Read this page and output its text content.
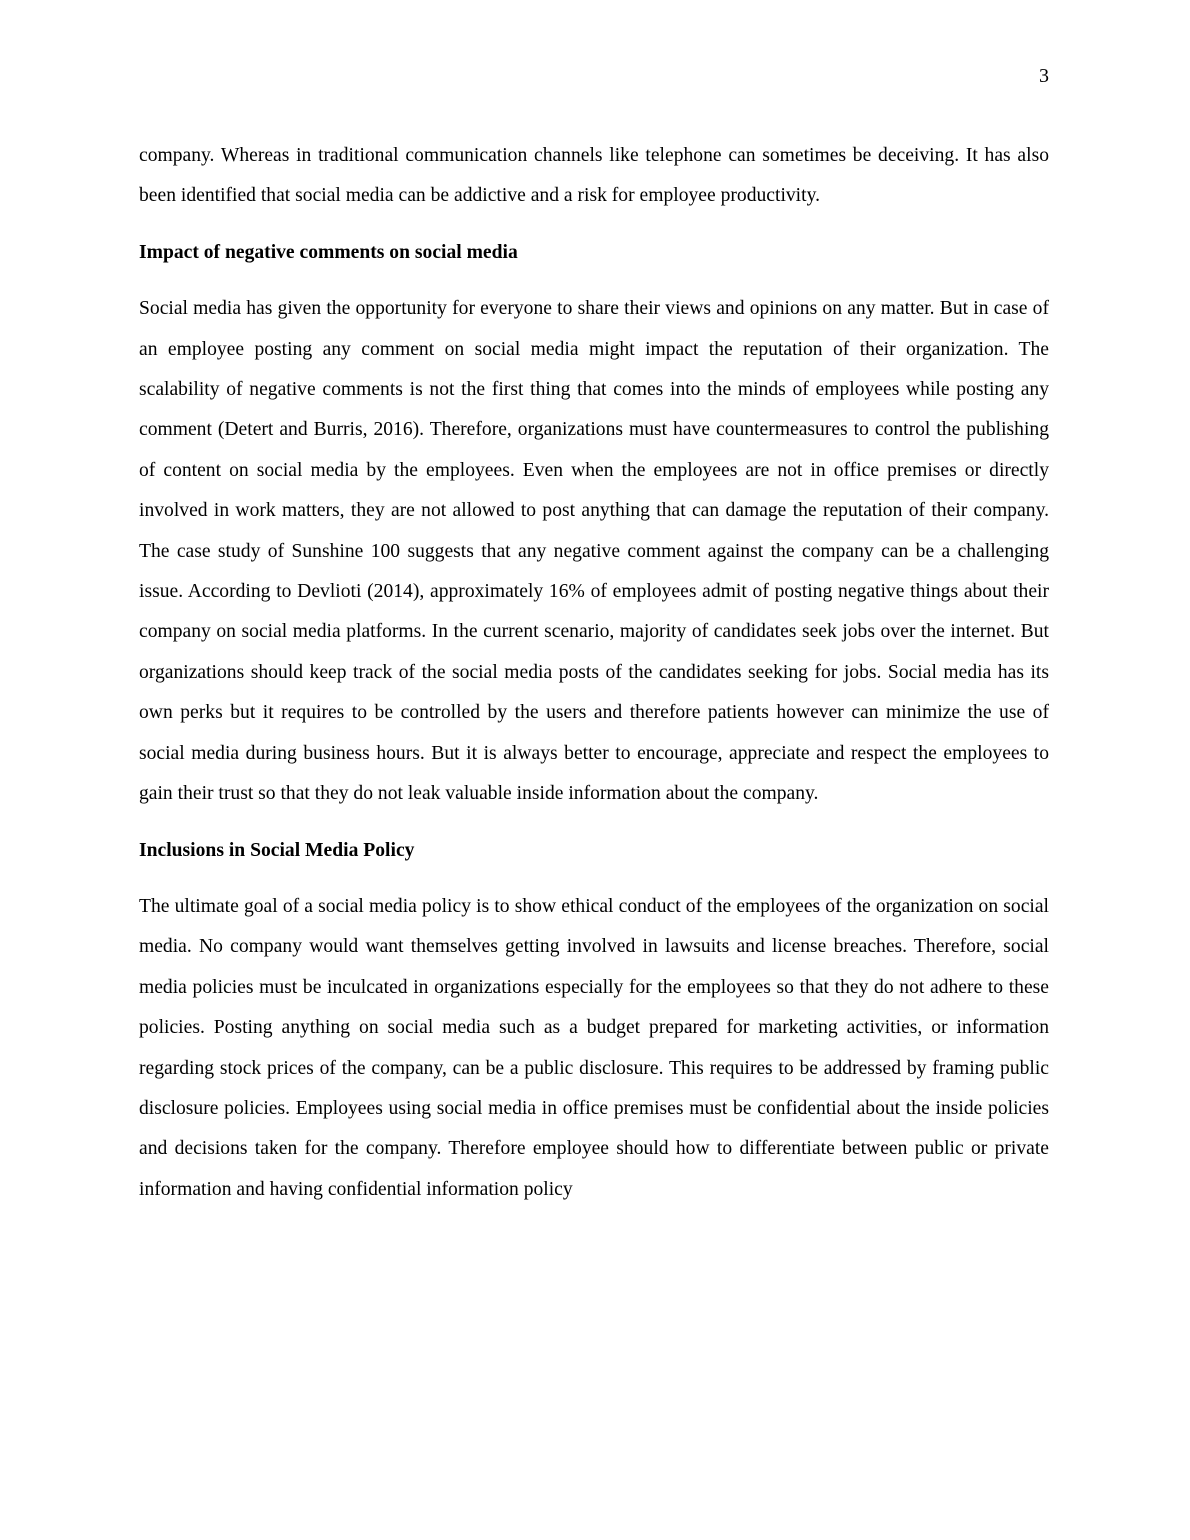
3

company. Whereas in traditional communication channels like telephone can sometimes be deceiving. It has also been identified that social media can be addictive and a risk for employee productivity.

Impact of negative comments on social media

Social media has given the opportunity for everyone to share their views and opinions on any matter. But in case of an employee posting any comment on social media might impact the reputation of their organization. The scalability of negative comments is not the first thing that comes into the minds of employees while posting any comment (Detert and Burris, 2016). Therefore, organizations must have countermeasures to control the publishing of content on social media by the employees. Even when the employees are not in office premises or directly involved in work matters, they are not allowed to post anything that can damage the reputation of their company. The case study of Sunshine 100 suggests that any negative comment against the company can be a challenging issue. According to Devlioti (2014), approximately 16% of employees admit of posting negative things about their company on social media platforms. In the current scenario, majority of candidates seek jobs over the internet. But organizations should keep track of the social media posts of the candidates seeking for jobs. Social media has its own perks but it requires to be controlled by the users and therefore patients however can minimize the use of social media during business hours. But it is always better to encourage, appreciate and respect the employees to gain their trust so that they do not leak valuable inside information about the company.

Inclusions in Social Media Policy

The ultimate goal of a social media policy is to show ethical conduct of the employees of the organization on social media. No company would want themselves getting involved in lawsuits and license breaches. Therefore, social media policies must be inculcated in organizations especially for the employees so that they do not adhere to these policies. Posting anything on social media such as a budget prepared for marketing activities, or information regarding stock prices of the company, can be a public disclosure. This requires to be addressed by framing public disclosure policies. Employees using social media in office premises must be confidential about the inside policies and decisions taken for the company. Therefore employee should how to differentiate between public or private information and having confidential information policy
